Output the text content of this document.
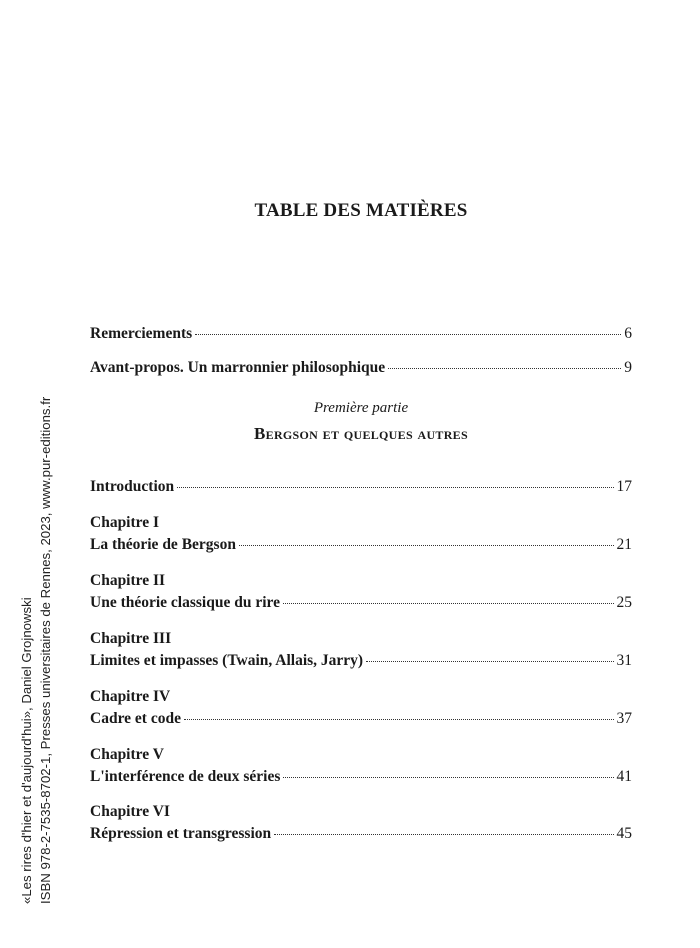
«Les rires d'hier et d'aujourd'hui», Daniel Grojnowski ISBN 978-2-7535-8702-1, Presses universitaires de Rennes, 2023, www.pur-editions.fr
TABLE DES MATIÈRES
Remerciements	6
Avant-propos. Un marronnier philosophique	9
Première partie
Bergson et quelques autres
Introduction	17
Chapitre I
La théorie de Bergson	21
Chapitre II
Une théorie classique du rire	25
Chapitre III
Limites et impasses (Twain, Allais, Jarry)	31
Chapitre IV
Cadre et code	37
Chapitre V
L'interférence de deux séries	41
Chapitre VI
Répression et transgression	45
